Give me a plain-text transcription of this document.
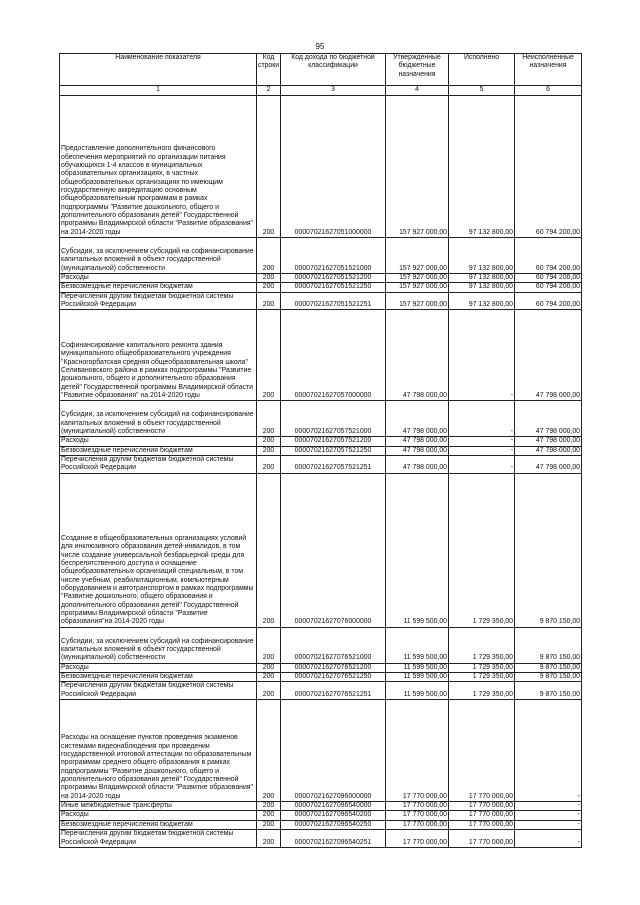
95
Наименование показателя	Код строки	Код дохода по бюджетной классификации	Утвержденные бюджетные назначения	Исполнено	Неисполненные назначения
1	2	3	4	5	6
Предоставление дополнительного финансового обеспечения мероприятий по организации питания обучающихся 1-4 классов в муниципальных образовательных организациях, в частных общеобразовательных организациях по имеющим государственную аккредитацию основным общеобразовательным программам в рамках подпрограммы "Развитие дошкольного, общего и дополнительного образования детей" Государственной программы Владимирской области "Развитие образования" на 2014-2020 годы	200	00007021627051000000	157 927 000,00	97 132 800,00	60 794 200,00
Субсидии, за исключением субсидий на софинансирование капитальных вложений в объект государственной (муниципальной) собственности	200	00007021627051521000	157 927 000,00	97 132 800,00	60 794 200,00
Расходы	200	00007021627051521200	157 927 000,00	97 132 800,00	60 794 200,00
Безвозмездные перечисления бюджетам	200	00007021627051521250	157 927 000,00	97 132 800,00	60 794 200,00
Перечисления другим бюджетам бюджетной системы Российской Федерации	200	00007021627051521251	157 927 000,00	97 132 800,00	60 794 200,00
Софинансирование капитального ремонта здания муниципального общеобразовательного учреждения "Красногорбатская средняя общеобразовательная школа" Селивановского района в рамках подпрограммы "Развитие дошкольного, общего и дополнительного образования детей" Государственной программы Владимирской области "Развитие образования" на 2014-2020 годы	200	00007021627057000000	47 798 000,00	-	47 798 000,00
Субсидии, за исключением субсидий на софинансирование капитальных вложений в объект государственной (муниципальной) собственности	200	00007021627057521000	47 798 000,00	-	47 798 000,00
Расходы	200	00007021627057521200	47 798 000,00	-	47 798 000,00
Безвозмездные перечисления бюджетам	200	00007021627057521250	47 798 000,00	-	47 798 000,00
Перечисления другим бюджетам бюджетной системы Российской Федерации	200	00007021627057521251	47 798 000,00	-	47 798 000,00
Создание в общеобразовательных организациях условий для инклюзивного образования детей-инвалидов, в том числе создание универсальной безбарьерной среды для беспрепятственного доступа и оснащение общеобразовательных организаций специальным, в том числе учебным, реабилитационным, компьютерным оборудованием и автотранспортом в рамках подпрограммы "Развитие дошкольного, общего образования и дополнительного образования детей" Государственной программы Владимирской области "Развитие образования"на 2014-2020 годы	200	00007021627076000000	11 599 500,00	1 729 350,00	9 870 150,00
Субсидии, за исключением субсидий на софинансирование капитальных вложений в объект государственной (муниципальной) собственности	200	00007021627076521000	11 599 500,00	1 729 350,00	9 870 150,00
Расходы	200	00007021627076521200	11 599 500,00	1 729 350,00	9 870 150,00
Безвозмездные перечисления бюджетам	200	00007021627076521250	11 599 500,00	1 729 350,00	9 870 150,00
Перечисления другим бюджетам бюджетной системы Российской Федерации	200	00007021627076521251	11 599 500,00	1 729 350,00	9 870 150,00
Расходы на оснащение пунктов проведения экзаменов системами видеонаблюдения при проведении государственной итоговой аттестации по образовательным программам среднего общего образования в рамках подпрограммы "Развитие дошкольного, общего и дополнительного образования детей" Государственной программы Владимирской области "Развитие образования" на 2014-2020 годы	200	00007021627096000000	17 770 000,00	17 770 000,00	-
Иные межбюджетные трансферты	200	00007021627096540000	17 770 000,00	17 770 000,00	-
Расходы	200	00007021627096540200	17 770 000,00	17 770 000,00	-
Безвозмездные перечисления бюджетам	200	00007021627096540250	17 770 000,00	17 770 000,00	-
Перечисления другим бюджетам бюджетной системы Российской Федерации	200	00007021627096540251	17 770 000,00	17 770 000,00	-
